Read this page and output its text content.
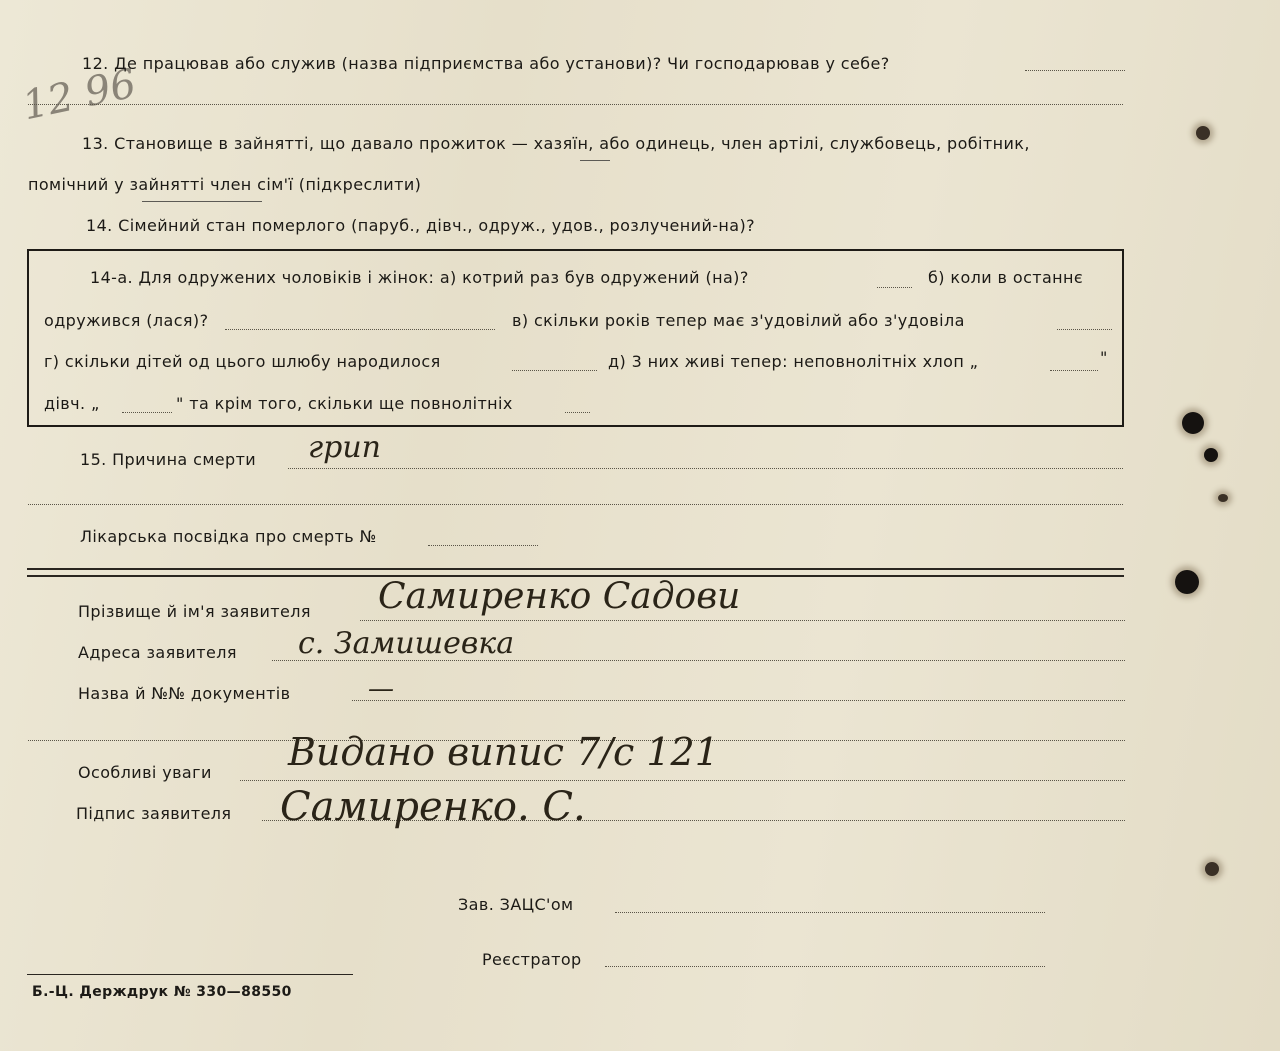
12 96
12. Де працював або служив (назва підприємства або установи)? Чи господарював у себе?
13. Становище в зайнятті, що давало прожиток — хазяїн, або одинець, член артілі, службовець, робітник,
помічний у зайнятті член сім'ї (підкреслити)
14. Сімейний стан померлого (паруб., дівч., одруж., удов., розлучений-на)?
14-а. Для одружених чоловіків і жінок: а) котрий раз був одружений (на)?	б) коли в останнє
одружився (лася)?	в) скільки років тепер має з'удовілий або з'удовіла
г) скільки дітей од цього шлюбу народилося	д) 3 них живі тепер: неповнолітніх хлоп „	"
дівч. „	" та крім того, скільки ще повнолітніх
15. Причина смерти грип
Лікарська посвідка про смерть №
Прізвище й ім'я заявителя Самиренко Садови
Адреса заявителя с. Замишевка
Назва й №№ документів	—
Особливі уваги Видано випис 7/с 121
Підпис заявителя Самиренко. С.
Зав. ЗАЦС'ом
Реєстратор
Б.-Ц. Держдрук № 330—88550
